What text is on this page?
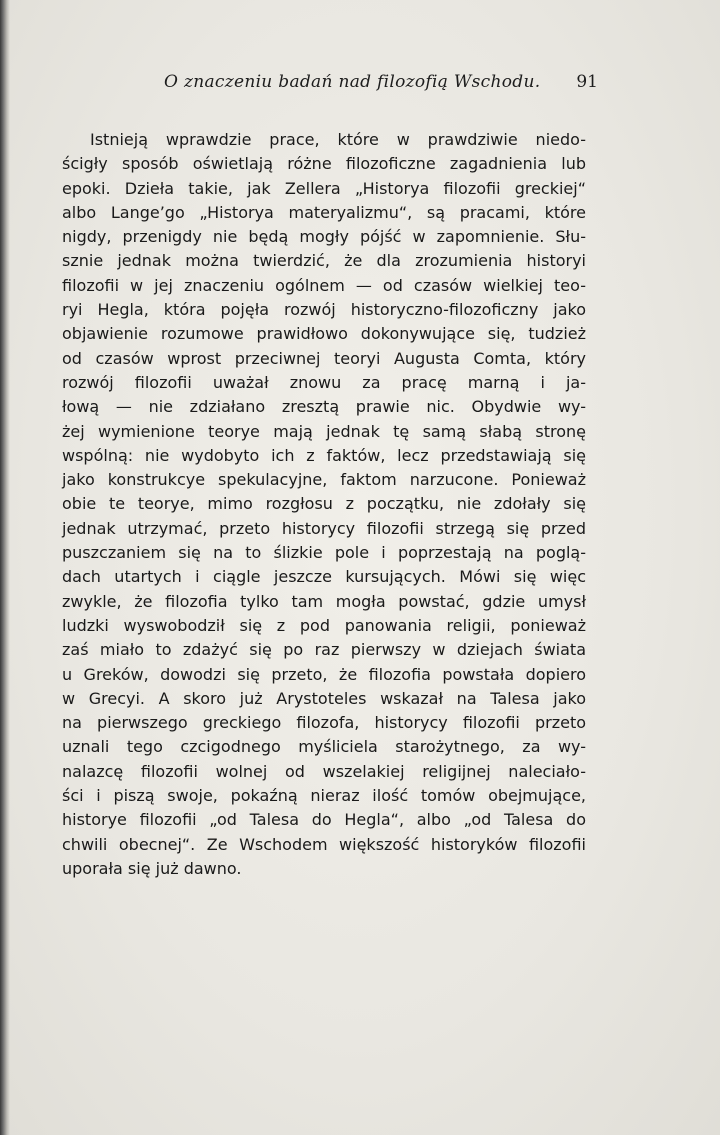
O znaczeniu badań nad filozofią Wschodu. 91
Istnieją wprawdzie prace, które w prawdziwie niedo-
ścigły sposób oświetlają różne filozoficzne zagadnienia lub
epoki. Dzieła takie, jak Zellera „Historya filozofii greckiej“
albo Lange’go „Historya materyalizmu“, są pracami, które
nigdy, przenigdy nie będą mogły pójść w zapomnienie. Słu-
sznie jednak można twierdzić, że dla zrozumienia historyi
filozofii w jej znaczeniu ogólnem — od czasów wielkiej teo-
ryi Hegla, która pojęła rozwój historyczno-filozoficzny jako
objawienie rozumowe prawidłowo dokonywujące się, tudzież
od czasów wprost przeciwnej teoryi Augusta Comta, który
rozwój filozofii uważał znowu za pracę marną i ja-
łową — nie zdziałano zresztą prawie nic. Obydwie wy-
żej wymienione teorye mają jednak tę samą słabą stronę
wspólną: nie wydobyto ich z faktów, lecz przedstawiają się
jako konstrukcye spekulacyjne, faktom narzucone. Ponieważ
obie te teorye, mimo rozgłosu z początku, nie zdołały się
jednak utrzymać, przeto historycy filozofii strzegą się przed
puszczaniem się na to ślizkie pole i poprzestają na poglą-
dach utartych i ciągle jeszcze kursujących. Mówi się więc
zwykle, że filozofia tylko tam mogła powstać, gdzie umysł
ludzki wyswobodził się z pod panowania religii, ponieważ
zaś miało to zdażyć się po raz pierwszy w dziejach świata
u Greków, dowodzi się przeto, że filozofia powstała dopiero
w Grecyi. A skoro już Arystoteles wskazał na Talesa jako
na pierwszego greckiego filozofa, historycy filozofii przeto
uznali tego czcigodnego myśliciela starożytnego, za wy-
nalazcę filozofii wolnej od wszelakiej religijnej naleciało-
ści i piszą swoje, pokaźną nieraz ilość tomów obejmujące,
historye filozofii „od Talesa do Hegla“, albo „od Talesa do
chwili obecnej“. Ze Wschodem większość historyków filozofii
uporała się już dawno.
